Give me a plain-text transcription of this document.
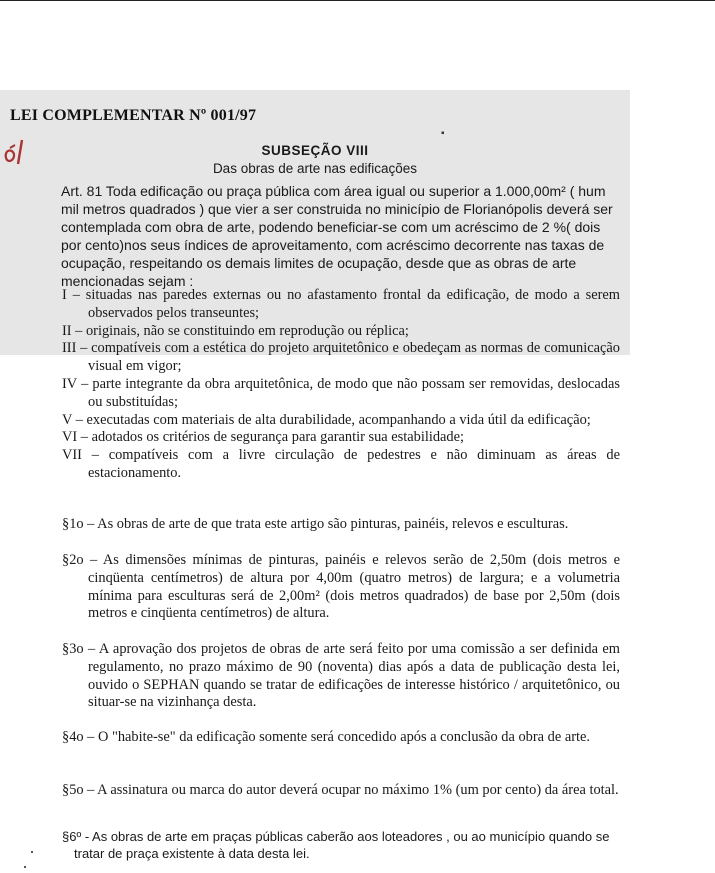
LEI COMPLEMENTAR Nº 001/97
▪
SUBSEÇÃO VIII
Das obras de arte nas edificações
Art. 81 Toda edificação ou praça pública com área igual ou superior a 1.000,00m² ( hum mil metros quadrados ) que vier a ser construida no minicípio de Florianópolis deverá ser contemplada com obra de arte, podendo beneficiar-se com um acréscimo de 2 %( dois por cento)nos seus índices de aproveitamento, com acréscimo decorrente nas taxas de ocupação, respeitando os demais limites de ocupação, desde que as obras de arte mencionadas sejam :
I – situadas nas paredes externas ou no afastamento frontal da edificação, de modo a serem observados pelos transeuntes;
II – originais, não se constituindo em reprodução ou réplica;
III – compatíveis com a estética do projeto arquitetônico e obedeçam as normas de comunicação visual em vigor;
IV – parte integrante da obra arquitetônica, de modo que não possam ser removidas, deslocadas ou substituídas;
V – executadas com materiais de alta durabilidade, acompanhando a vida útil da edificação;
VI – adotados os critérios de segurança para garantir sua estabilidade;
VII – compatíveis com a livre circulação de pedestres e não diminuam as áreas de estacionamento.
§1o – As obras de arte de que trata este artigo são pinturas, painéis, relevos e esculturas.
§2o – As dimensões mínimas de pinturas, painéis e relevos serão de 2,50m (dois metros e cinqüenta centímetros) de altura por 4,00m (quatro metros) de largura; e a volumetria mínima para esculturas será de 2,00m² (dois metros quadrados) de base por 2,50m (dois metros e cinqüenta centímetros) de altura.
§3o – A aprovação dos projetos de obras de arte será feito por uma comissão a ser definida em regulamento, no prazo máximo de 90 (noventa) dias após a data de publicação desta lei, ouvido o SEPHAN quando se tratar de edificações de interesse histórico / arquitetônico, ou situar-se na vizinhança desta.
§4o – O "habite-se" da edificação somente será concedido após a conclusão da obra de arte.
§5o – A assinatura ou marca do autor deverá ocupar no máximo 1% (um por cento) da área total.
§6º - As obras de arte em praças públicas caberão aos loteadores , ou ao município quando se tratar de praça existente à data desta lei.
